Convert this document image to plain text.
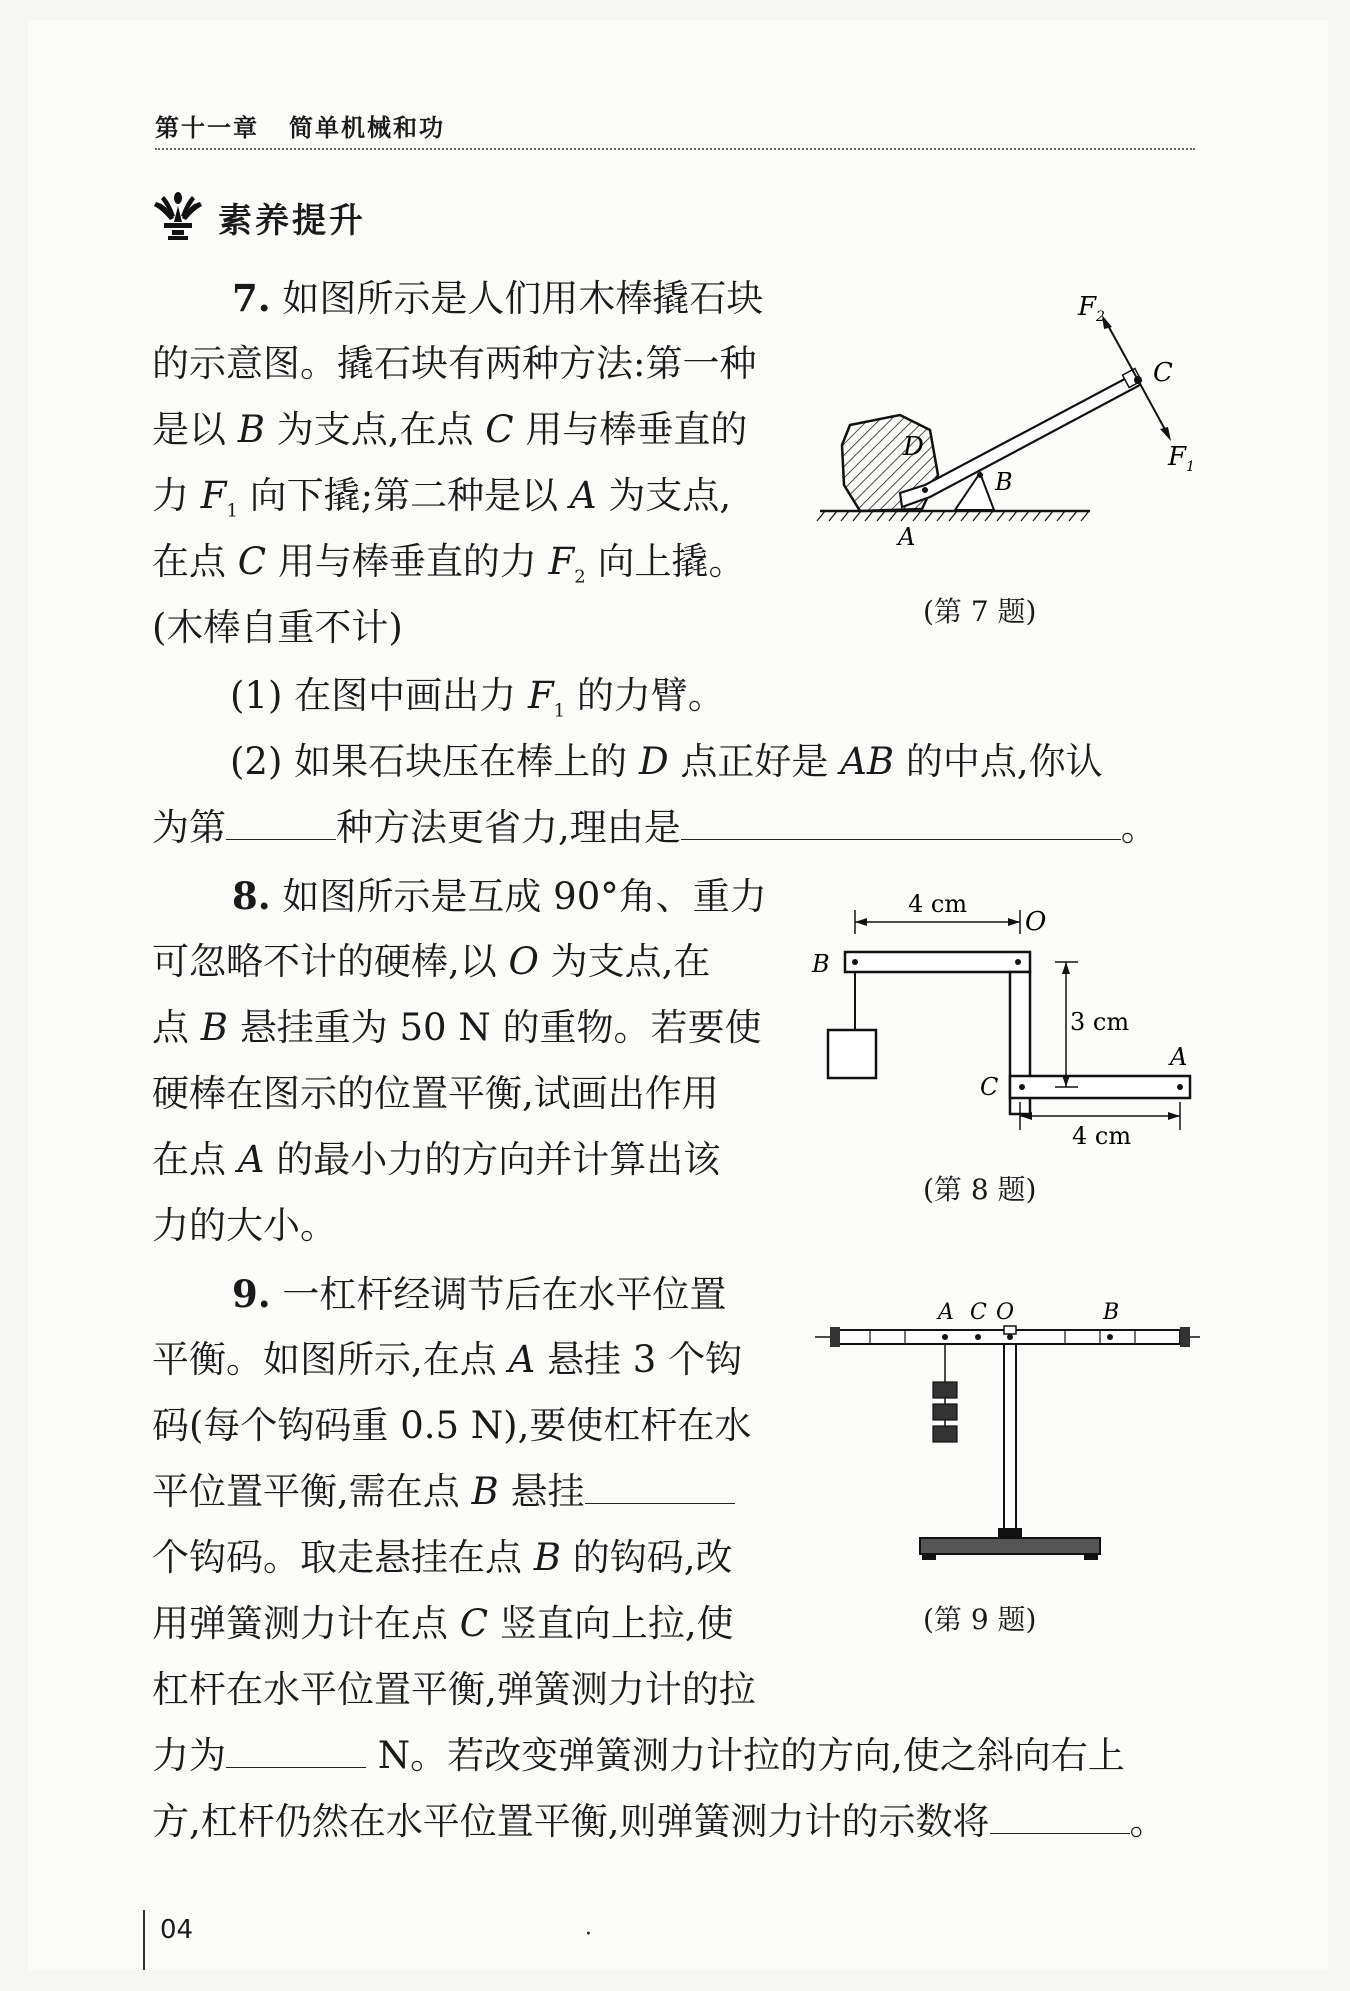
第十一章 简单机械和功
素养提升
7. 如图所示是人们用木棒撬石块
的示意图。撬石块有两种方法:第一种
是以 B 为支点,在点 C 用与棒垂直的
力 $F_1$ 向下撬;第二种是以 A 为支点,
在点 C 用与棒垂直的力 $F_2$ 向上撬。
(木棒自重不计)
(1) 在图中画出力 $F_1$ 的力臂。
(2) 如果石块压在棒上的 D 点正好是 AB 的中点,你认
为第	种方法更省力,理由是	。
$F_2$
C
$F_1$
D
B
A
(第 7 题)
8. 如图所示是互成 90°角、重力
可忽略不计的硬棒,以 O 为支点,在
点 B 悬挂重为 50 N 的重物。若要使
硬棒在图示的位置平衡,试画出作用
在点 A 的最小力的方向并计算出该
力的大小。
4 cm
O
B
A
C
3 cm
4 cm
(第 8 题)
9. 一杠杆经调节后在水平位置
平衡。如图所示,在点 A 悬挂 3 个钩
码(每个钩码重 0.5 N),要使杠杆在水
平位置平衡,需在点 B 悬挂
个钩码。取走悬挂在点 B 的钩码,改
用弹簧测力计在点 C 竖直向上拉,使
杠杆在水平位置平衡,弹簧测力计的拉
力为	N。若改变弹簧测力计拉的方向,使之斜向右上
方,杠杆仍然在水平位置平衡,则弹簧测力计的示数将	。
A C O	B
(第 9 题)
04	·
